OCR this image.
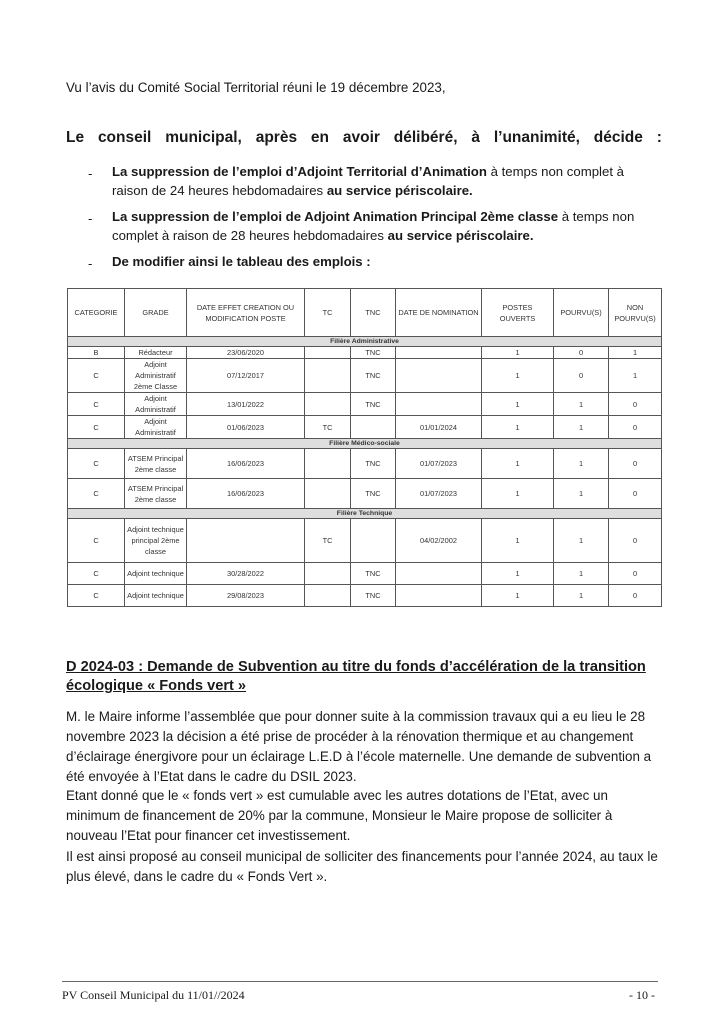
Vu l’avis du Comité Social Territorial réuni le 19 décembre 2023,

Le conseil municipal, après en avoir délibéré, à l’unanimité, décide :

- La suppression de l’emploi d’Adjoint Territorial d’Animation à temps non complet à raison de 24 heures hebdomadaires au service périscolaire.
- La suppression de l’emploi de Adjoint Animation Principal 2ème classe à temps non complet à raison de 28 heures hebdomadaires au service périscolaire.
- De modifier ainsi le tableau des emplois :
CATEGORIE	GRADE	DATE EFFET CREATION OU MODIFICATION POSTE	TC	TNC	DATE DE NOMINATION	POSTES OUVERTS	POURVU(S)	NON POURVU(S)
Filière Administrative								
B	Rédacteur	23/06/2020		TNC		1	0	1
C	Adjoint Administratif 2ème Classe	07/12/2017		TNC		1	0	1
C	Adjoint Administratif	13/01/2022		TNC		1	1	0
C	Adjoint Administratif	01/06/2023	TC		01/01/2024	1	1	0
Filière Médico-sociale								
C	ATSEM Principal 2ème classe	16/06/2023		TNC	01/07/2023	1	1	0
C	ATSEM Principal 2ème classe	16/06/2023		TNC	01/07/2023	1	1	0
Filière Technique								
C	Adjoint technique principal 2ème classe		TC		04/02/2002	1	1	0
C	Adjoint technique	30/28/2022		TNC		1	1	0
C	Adjoint technique	29/08/2023		TNC		1	1	0

D 2024-03 : Demande de Subvention au titre du fonds d’accélération de la transition écologique « Fonds vert »

M. le Maire informe l’assemblée que pour donner suite à la commission travaux qui a eu lieu le 28 novembre 2023 la décision a été prise de procéder à la rénovation thermique et au changement d’éclairage énergivore pour un éclairage L.E.D à l’école maternelle. Une demande de subvention a été envoyée à l’Etat dans le cadre du DSIL 2023.

Etant donné que le « fonds vert » est cumulable avec les autres dotations de l’Etat, avec un minimum de financement de 20% par la commune, Monsieur le Maire propose de solliciter à nouveau l’Etat pour financer cet investissement.

Il est ainsi proposé au conseil municipal de solliciter des financements pour l’année 2024, au taux le plus élevé, dans le cadre du « Fonds Vert ».

PV Conseil Municipal du 11/01//2024	- 10 -
